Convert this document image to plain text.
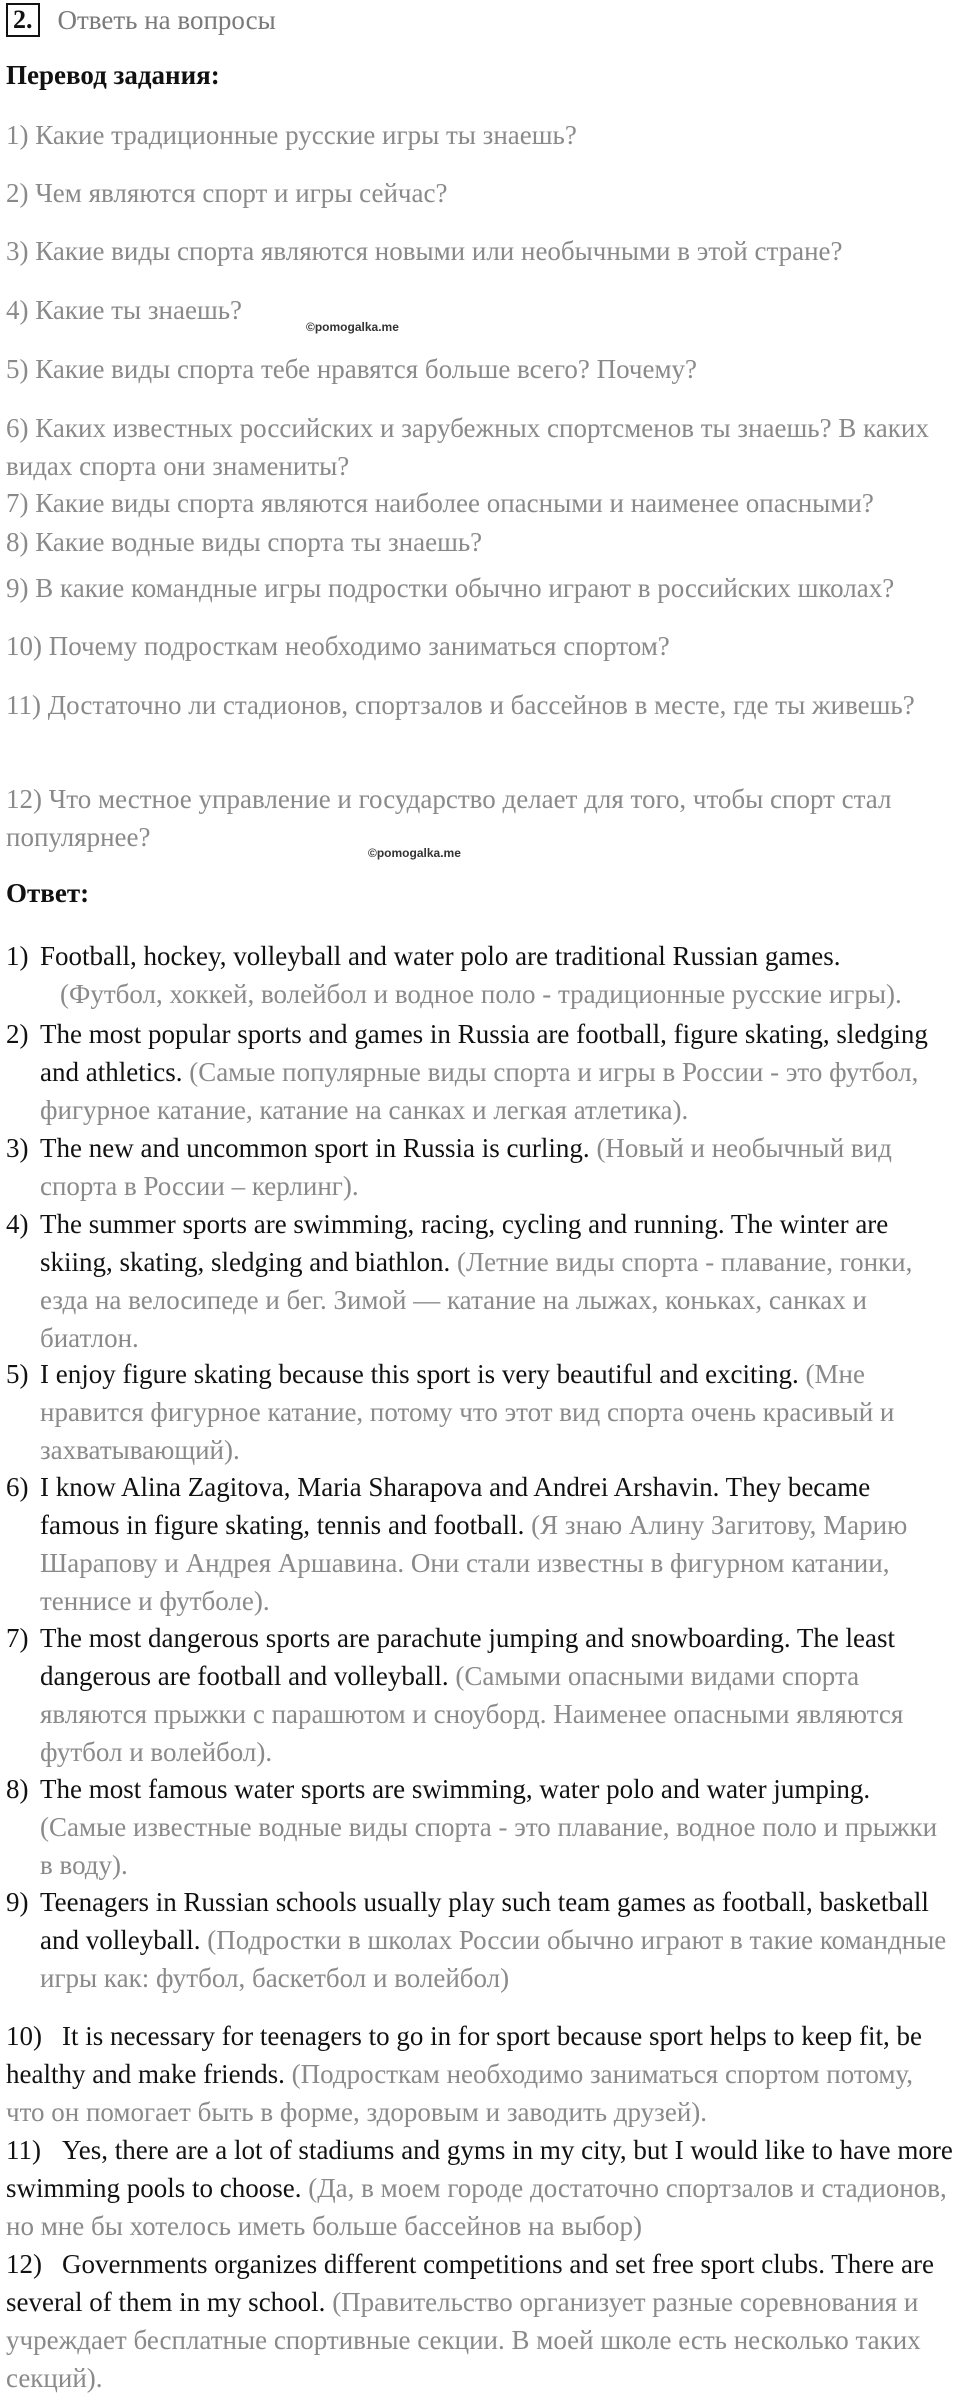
2. Ответь на вопросы
Перевод задания:
1) Какие традиционные русские игры ты знаешь?
2) Чем являются спорт и игры сейчас?
3) Какие виды спорта являются новыми или необычными в этой стране?
4) Какие ты знаешь?
©pomogalka.me
5) Какие виды спорта тебе нравятся больше всего? Почему?
6) Каких известных российских и зарубежных спортсменов ты знаешь? В каких видах спорта они знамениты?
7) Какие виды спорта являются наиболее опасными и наименее опасными?
8) Какие водные виды спорта ты знаешь?
9) В какие командные игры подростки обычно играют в российских школах?
10) Почему подросткам необходимо заниматься спортом?
11) Достаточно ли стадионов, спортзалов и бассейнов в месте, где ты живешь?
12) Что местное управление и государство делает для того, чтобы спорт стал популярнее?
©pomogalka.me
Ответ:
1) Football, hockey, volleyball and water polo are traditional Russian games.
(Футбол, хоккей, волейбол и водное поло - традиционные русские игры).
2) The most popular sports and games in Russia are football, figure skating, sledging and athletics. (Самые популярные виды спорта и игры в России - это футбол, фигурное катание, катание на санках и легкая атлетика).
3) The new and uncommon sport in Russia is curling. (Новый и необычный вид спорта в России – керлинг).
4) The summer sports are swimming, racing, cycling and running. The winter are skiing, skating, sledging and biathlon. (Летние виды спорта - плавание, гонки, езда на велосипеде и бег. Зимой — катание на лыжах, коньках, санках и биатлон.
5) I enjoy figure skating because this sport is very beautiful and exciting. (Мне нравится фигурное катание, потому что этот вид спорта очень красивый и захватывающий).
6) I know Alina Zagitova, Maria Sharapova and Andrei Arshavin. They became famous in figure skating, tennis and football. (Я знаю Алину Загитову, Марию Шарапову и Андрея Аршавина. Они стали известны в фигурном катании, теннисе и футболе).
7) The most dangerous sports are parachute jumping and snowboarding. The least dangerous are football and volleyball. (Самыми опасными видами спорта являются прыжки с парашютом и сноуборд. Наименее опасными являются футбол и волейбол).
8) The most famous water sports are swimming, water polo and water jumping. (Самые известные водные виды спорта - это плавание, водное поло и прыжки в воду).
9) Teenagers in Russian schools usually play such team games as football, basketball and volleyball. (Подростки в школах России обычно играют в такие командные игры как: футбол, баскетбол и волейбол)
10) It is necessary for teenagers to go in for sport because sport helps to keep fit, be healthy and make friends. (Подросткам необходимо заниматься спортом потому, что он помогает быть в форме, здоровым и заводить друзей).
11) Yes, there are a lot of stadiums and gyms in my city, but I would like to have more swimming pools to choose. (Да, в моем городе достаточно спортзалов и стадионов, но мне бы хотелось иметь больше бассейнов на выбор)
12) Governments organizes different competitions and set free sport clubs. There are several of them in my school. (Правительство организует разные соревнования и учреждает бесплатные спортивные секции. В моей школе есть несколько таких секций).
